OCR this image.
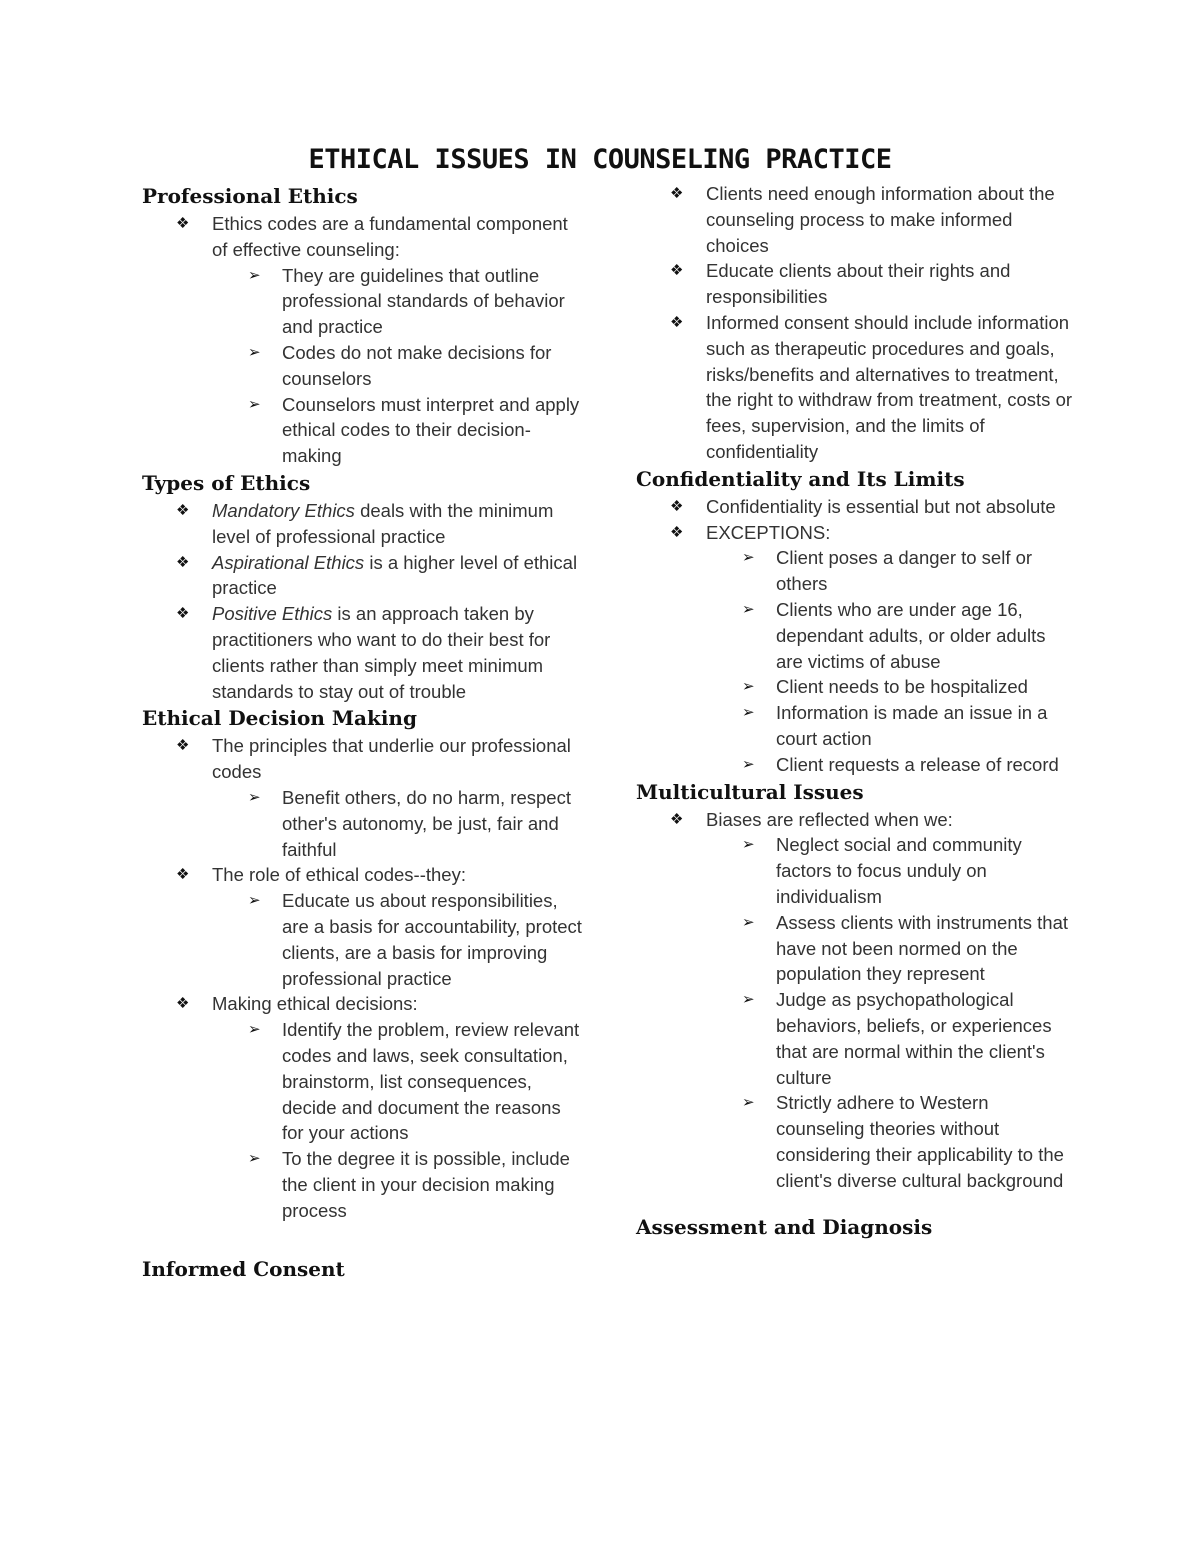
ETHICAL ISSUES IN COUNSELING PRACTICE
Professional Ethics
❖ Ethics codes are a fundamental component of effective counseling:
➢ They are guidelines that outline professional standards of behavior and practice
➢ Codes do not make decisions for counselors
➢ Counselors must interpret and apply ethical codes to their decision-making
Types of Ethics
❖ Mandatory Ethics deals with the minimum level of professional practice
❖ Aspirational Ethics is a higher level of ethical practice
❖ Positive Ethics is an approach taken by practitioners who want to do their best for clients rather than simply meet minimum standards to stay out of trouble
Ethical Decision Making
❖ The principles that underlie our professional codes
➢ Benefit others, do no harm, respect other's autonomy, be just, fair and faithful
❖ The role of ethical codes--they:
➢ Educate us about responsibilities, are a basis for accountability, protect clients, are a basis for improving professional practice
❖ Making ethical decisions:
➢ Identify the problem, review relevant codes and laws, seek consultation, brainstorm, list consequences, decide and document the reasons for your actions
➢ To the degree it is possible, include the client in your decision making process
Informed Consent
❖ Clients need enough information about the counseling process to make informed choices
❖ Educate clients about their rights and responsibilities
❖ Informed consent should include information such as therapeutic procedures and goals, risks/benefits and alternatives to treatment, the right to withdraw from treatment, costs or fees, supervision, and the limits of confidentiality
Confidentiality and Its Limits
❖ Confidentiality is essential but not absolute
❖ EXCEPTIONS:
➢ Client poses a danger to self or others
➢ Clients who are under age 16, dependant adults, or older adults are victims of abuse
➢ Client needs to be hospitalized
➢ Information is made an issue in a court action
➢ Client requests a release of record
Multicultural Issues
❖ Biases are reflected when we:
➢ Neglect social and community factors to focus unduly on individualism
➢ Assess clients with instruments that have not been normed on the population they represent
➢ Judge as psychopathological behaviors, beliefs, or experiences that are normal within the client's culture
➢ Strictly adhere to Western counseling theories without considering their applicability to the client's diverse cultural background
Assessment and Diagnosis
